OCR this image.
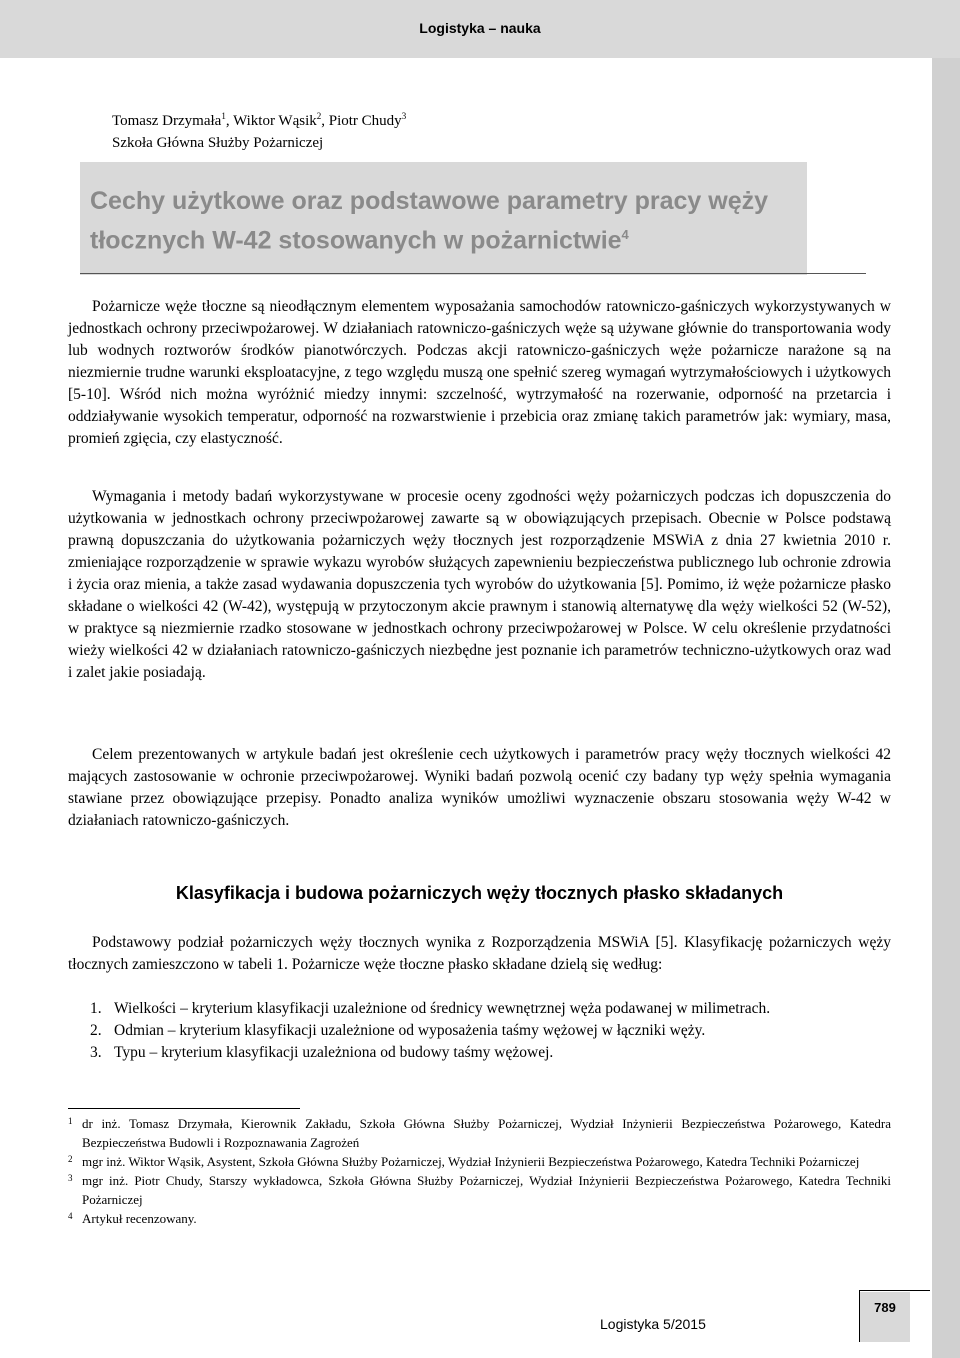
Logistyka – nauka
Tomasz Drzymała$^1$, Wiktor Wąsik$^2$, Piotr Chudy$^3$
Szkoła Główna Służby Pożarniczej
Cechy użytkowe oraz podstawowe parametry pracy węży
tłocznych W-42 stosowanych w pożarnictwie$^4$

Pożarnicze węże tłoczne są nieodłącznym elementem wyposażania samochodów ratowniczo-gaśniczych wykorzystywanych w jednostkach ochrony przeciwpożarowej. W działaniach ratowniczo-gaśniczych węże są używane głównie do transportowania wody lub wodnych roztworów środków pianotwórczych. Podczas akcji ratowniczo-gaśniczych węże pożarnicze narażone są na niezmiernie trudne warunki eksploatacyjne, z tego względu muszą one spełnić szereg wymagań wytrzymałościowych i użytkowych [5-10]. Wśród nich można wyróżnić miedzy innymi: szczelność, wytrzymałość na rozerwanie, odporność na przetarcia i oddziaływanie wysokich temperatur, odporność na rozwarstwienie i przebicia oraz zmianę takich parametrów jak: wymiary, masa, promień zgięcia, czy elastyczność.

Wymagania i metody badań wykorzystywane w procesie oceny zgodności węży pożarniczych podczas ich dopuszczenia do użytkowania w jednostkach ochrony przeciwpożarowej zawarte są w obowiązujących przepisach. Obecnie w Polsce podstawą prawną dopuszczania do użytkowania pożarniczych węży tłocznych jest rozporządzenie MSWiA z dnia 27 kwietnia 2010 r. zmieniające rozporządzenie w sprawie wykazu wyrobów służących zapewnieniu bezpieczeństwa publicznego lub ochronie zdrowia i życia oraz mienia, a także zasad wydawania dopuszczenia tych wyrobów do użytkowania [5]. Pomimo, iż węże pożarnicze płasko składane o wielkości 42 (W-42), występują w przytoczonym akcie prawnym i stanowią alternatywę dla węży wielkości 52 (W-52), w praktyce są niezmiernie rzadko stosowane w jednostkach ochrony przeciwpożarowej w Polsce. W celu określenie przydatności wieży wielkości 42 w działaniach ratowniczo-gaśniczych niezbędne jest poznanie ich parametrów techniczno-użytkowych oraz wad i zalet jakie posiadają.

Celem prezentowanych w artykule badań jest określenie cech użytkowych i parametrów pracy węży tłocznych wielkości 42 mających zastosowanie w ochronie przeciwpożarowej. Wyniki badań pozwolą ocenić czy badany typ węży spełnia wymagania stawiane przez obowiązujące przepisy. Ponadto analiza wyników umożliwi wyznaczenie obszaru stosowania węży W-42 w działaniach ratowniczo-gaśniczych.

Klasyfikacja i budowa pożarniczych węży tłocznych płasko składanych

Podstawowy podział pożarniczych węży tłocznych wynika z Rozporządzenia MSWiA [5]. Klasyfikację pożarniczych węży tłocznych zamieszczono w tabeli 1. Pożarnicze węże tłoczne płasko składane dzielą się według:

1. Wielkości – kryterium klasyfikacji uzależnione od średnicy wewnętrznej węża podawanej w milimetrach.
2. Odmian – kryterium klasyfikacji uzależnione od wyposażenia taśmy wężowej w łączniki węży.
3. Typu – kryterium klasyfikacji uzależniona od budowy taśmy wężowej.
1 dr inż. Tomasz Drzymała, Kierownik Zakładu, Szkoła Główna Służby Pożarniczej, Wydział Inżynierii Bezpieczeństwa Pożarowego, Katedra Bezpieczeństwa Budowli i Rozpoznawania Zagrożeń
2 mgr inż. Wiktor Wąsik, Asystent, Szkoła Główna Służby Pożarniczej, Wydział Inżynierii Bezpieczeństwa Pożarowego, Katedra Techniki Pożarniczej
3 mgr inż. Piotr Chudy, Starszy wykładowca, Szkoła Główna Służby Pożarniczej, Wydział Inżynierii Bezpieczeństwa Pożarowego, Katedra Techniki Pożarniczej
4 Artykuł recenzowany.
Logistyka 5/2015
789
